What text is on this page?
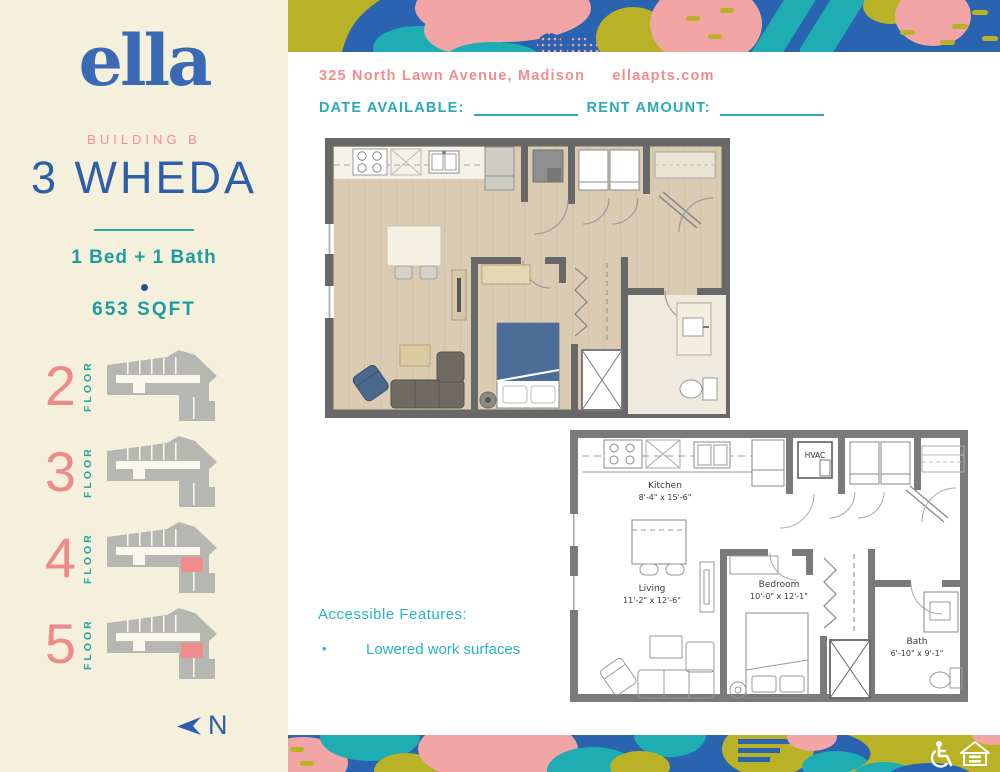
ella
BUILDING B
3 WHEDA
1 Bed + 1 Bath
653 SQFT
2 FLOOR
3 FLOOR
4 FLOOR
5 FLOOR
N
325 North Lawn Avenue, Madison ellaapts.com
DATE AVAILABLE:	RENT AMOUNT:
HVAC
Kitchen
8'-4" x 15'-6"
Living
11'-2" x 12'-6"
Bedroom
10'-0" x 12'-1"
Bath
6'-10" x 9'-1"
Accessible Features:
•	Lowered work surfaces
